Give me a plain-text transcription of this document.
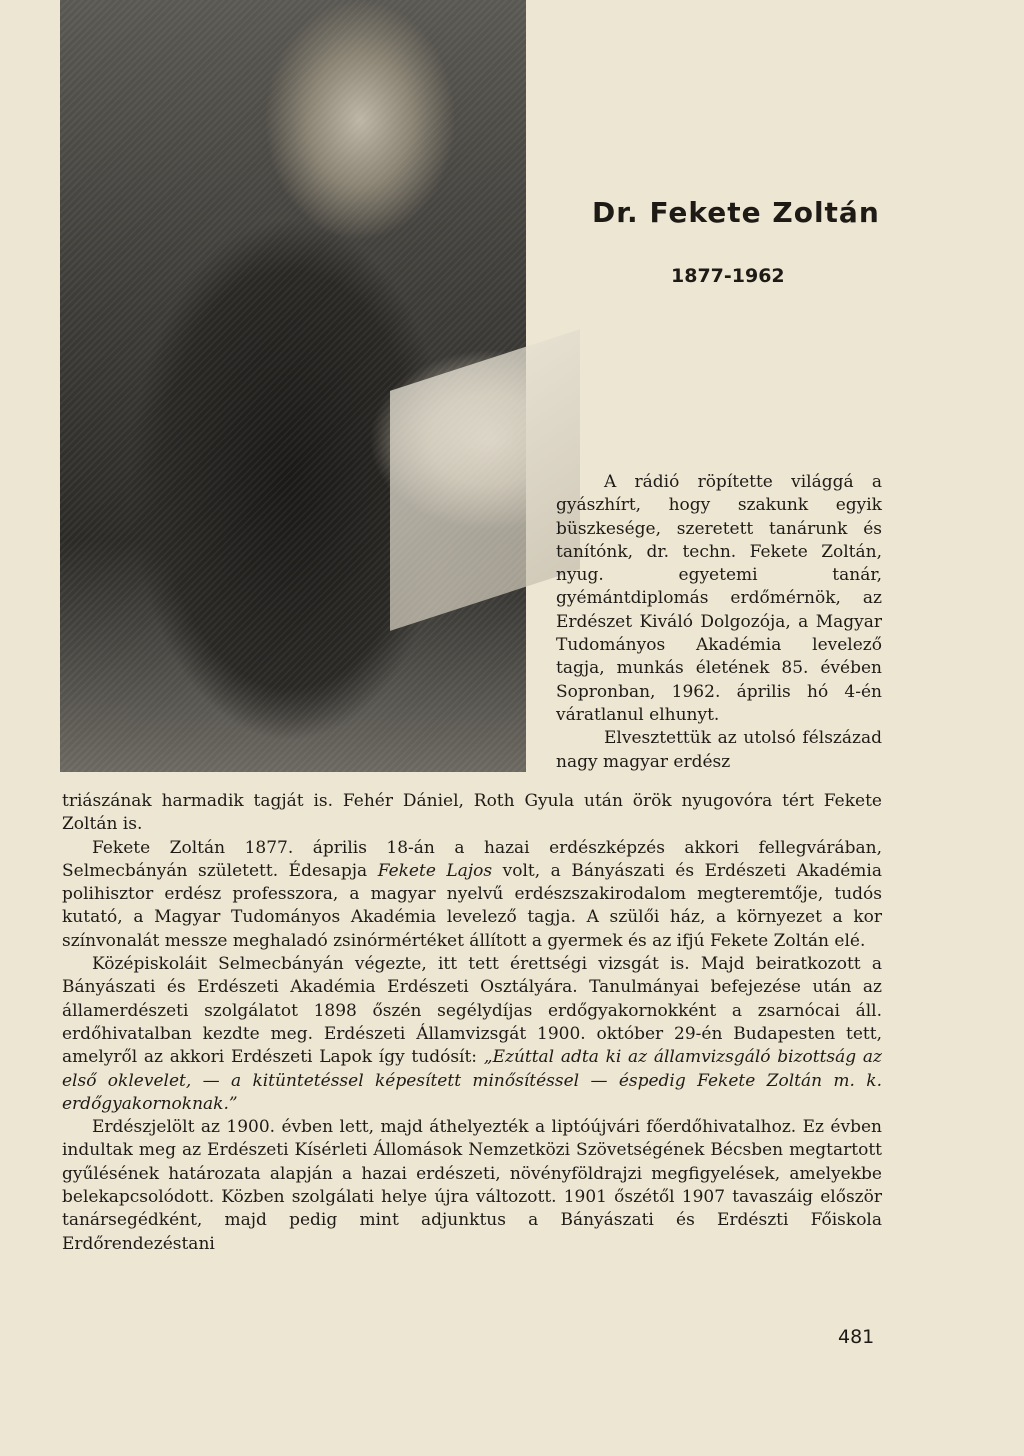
Dr. Fekete Zoltán

1877-1962

A rádió röpítette világgá a gyászhírt, hogy szakunk egyik büszkesége, szeretett tanárunk és tanítónk, dr. techn. Fekete Zoltán, nyug. egyetemi tanár, gyémántdiplomás erdőmérnök, az Erdészet Kiváló Dolgozója, a Magyar Tudományos Akadémia levelező tagja, munkás életének 85. évében Sopronban, 1962. április hó 4-én váratlanul elhunyt.
Elvesztettük az utolsó félszázad nagy magyar erdész

triászának harmadik tagját is. Fehér Dániel, Roth Gyula után örök nyugovóra tért Fekete Zoltán is.

Fekete Zoltán 1877. április 18-án a hazai erdészképzés akkori fellegvárában, Selmecbányán született. Édesapja Fekete Lajos volt, a Bányászati és Erdészeti Akadémia polihisztor erdész professzora, a magyar nyelvű erdészszakirodalom megteremtője, tudós kutató, a Magyar Tudományos Akadémia levelező tagja. A szülői ház, a környezet a kor színvonalát messze meghaladó zsinórmértéket állított a gyermek és az ifjú Fekete Zoltán elé.

Középiskoláit Selmecbányán végezte, itt tett érettségi vizsgát is. Majd beiratkozott a Bányászati és Erdészeti Akadémia Erdészeti Osztályára. Tanulmányai befejezése után az államerdészeti szolgálatot 1898 őszén segélydíjas erdőgyakornokként a zsarnócai áll. erdőhivatalban kezdte meg. Erdészeti Államvizsgát 1900. október 29-én Budapesten tett, amelyről az akkori Erdészeti Lapok így tudósít: „Ezúttal adta ki az államvizsgáló bizottság az első oklevelet, — a kitüntetéssel képesített minősítéssel — éspedig Fekete Zoltán m. k. erdőgyakornoknak.”

Erdészjelölt az 1900. évben lett, majd áthelyezték a liptóújvári főerdőhivatalhoz. Ez évben indultak meg az Erdészeti Kísérleti Állomások Nemzetközi Szövetségének Bécsben megtartott gyűlésének határozata alapján a hazai erdészeti, növényföldrajzi megfigyelések, amelyekbe belekapcsolódott. Közben szolgálati helye újra változott. 1901 őszétől 1907 tavaszáig először tanársegédként, majd pedig mint adjunktus a Bányászati és Erdészti Főiskola Erdőrendezéstani

481
